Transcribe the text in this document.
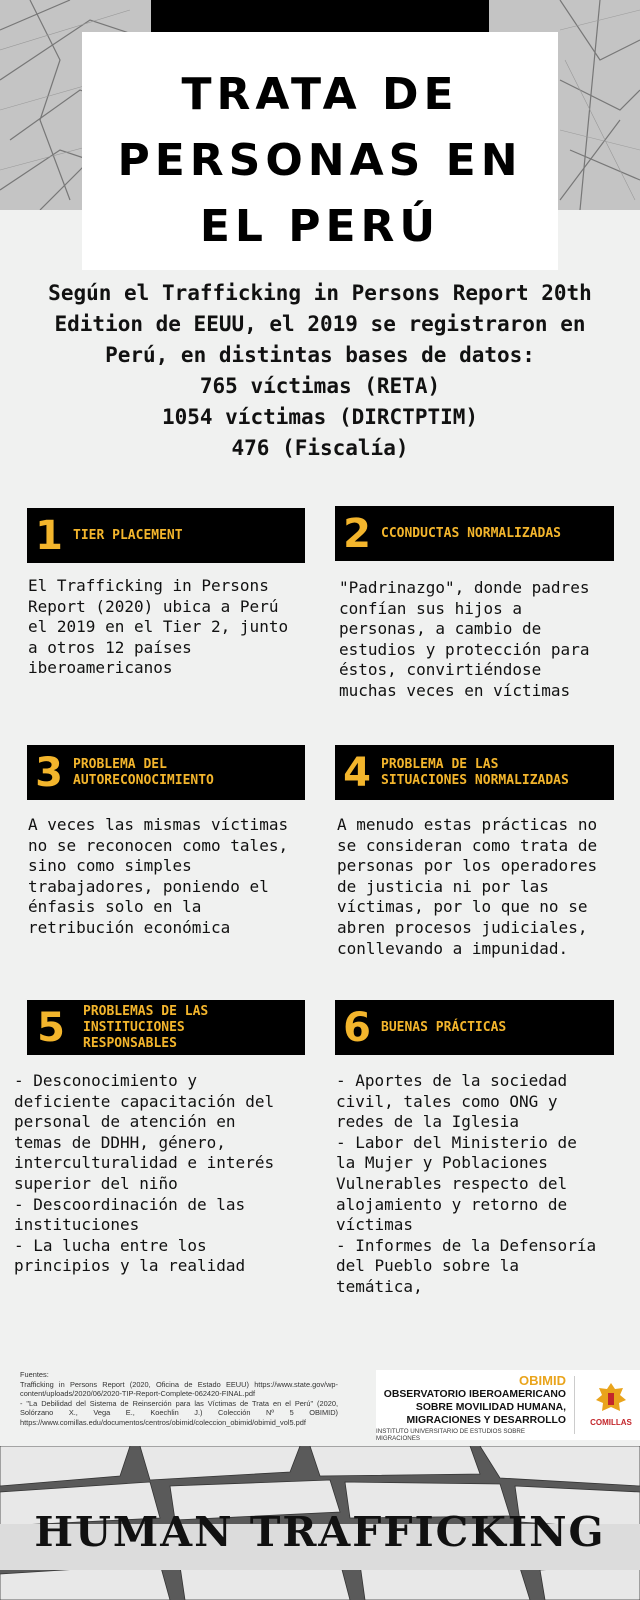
TRATA DE
PERSONAS EN
EL PERÚ

Según el Trafficking in Persons Report 20th Edition de EEUU, el 2019 se registraron en Perú, en distintas bases de datos:

765 víctimas (RETA)

1054 víctimas (DIRCTPTIM)

476 (Fiscalía)

1 TIER PLACEMENT

El Trafficking in Persons
Report (2020) ubica a Perú
el 2019 en el Tier 2, junto
a otros 12 países
iberoamericanos

2 CCONDUCTAS NORMALIZADAS

"Padrinazgo", donde padres
confían sus hijos a
personas, a cambio de
estudios y protección para
éstos, convirtiéndose
muchas veces en víctimas

3 PROBLEMA DEL
AUTORECONOCIMIENTO

A veces las mismas víctimas
no se reconocen como tales,
sino como simples
trabajadores, poniendo el
énfasis solo en la
retribución económica

4 PROBLEMA DE LAS
SITUACIONES NORMALIZADAS

A menudo estas prácticas no
se consideran como trata de
personas por los operadores
de justicia ni por las
víctimas, por lo que no se
abren procesos judiciales,
conllevando a impunidad.

5	PROBLEMAS DE LAS
INSTITUCIONES
RESPONSABLES

- Desconocimiento y
deficiente capacitación del
personal de atención en
temas de DDHH, género,
interculturalidad e interés
superior del niño
- Descoordinación de las
instituciones
- La lucha entre los
principios y la realidad

6 BUENAS PRÁCTICAS

- Aportes de la sociedad
civil, tales como ONG y
redes de la Iglesia
- Labor del Ministerio de
la Mujer y Poblaciones
Vulnerables respecto del
alojamiento y retorno de
víctimas
- Informes de la Defensoría
del Pueblo sobre la
temática,

Fuentes:

Trafficking in Persons Report (2020, Oficina de Estado EEUU) https://www.state.gov/wp-content/uploads/2020/06/2020-TIP-Report-Complete-062420-FINAL.pdf

- "La Debilidad del Sistema de Reinserción para las Víctimas de Trata en el Perú" (2020, Solórzano X., Vega E., Koechlin J.) Colección Nº 5 OBIMID) https://www.comillas.edu/documentos/centros/obimid/coleccion_obimid/obimid_vol5.pdf

OBIMID
OBSERVATORIO IBEROAMERICANO
SOBRE MOVILIDAD HUMANA,
MIGRACIONES Y DESARROLLO
INSTITUTO UNIVERSITARIO DE ESTUDIOS SOBRE MIGRACIONES
COMILLAS
HUMAN TRAFFICKING
